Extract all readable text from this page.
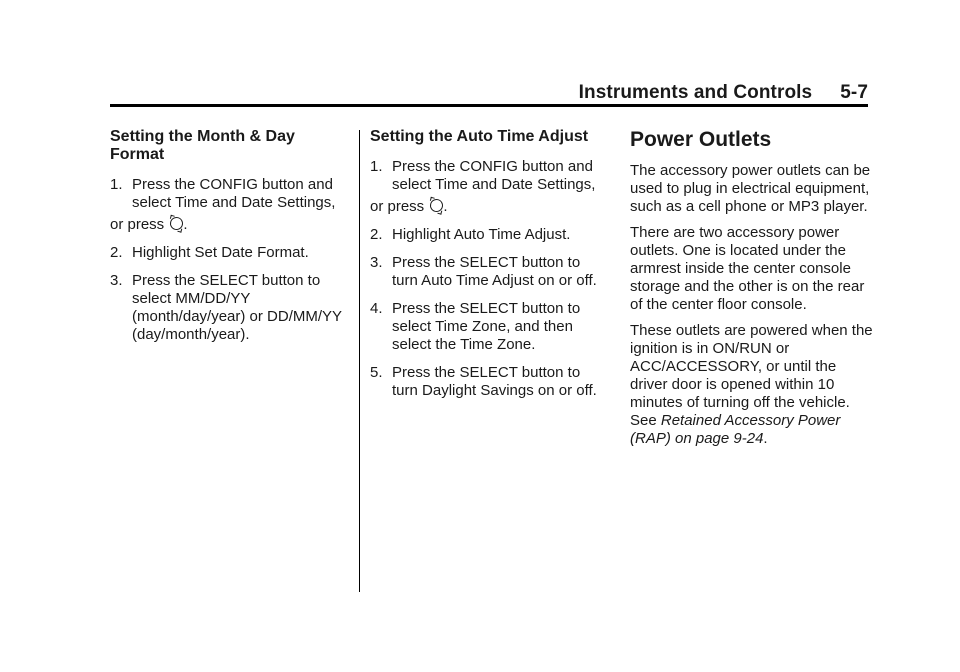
Instruments and Controls 5-7
Setting the Month & Day
Format
1. Press the CONFIG button and select Time and Date Settings,
or press .
2. Highlight Set Date Format.
3. Press the SELECT button to select MM/DD/YY (month/day/year) or DD/MM/YY (day/month/year).
Setting the Auto Time Adjust
1. Press the CONFIG button and select Time and Date Settings,
or press .
2. Highlight Auto Time Adjust.
3. Press the SELECT button to turn Auto Time Adjust on or off.
4. Press the SELECT button to select Time Zone, and then select the Time Zone.
5. Press the SELECT button to turn Daylight Savings on or off.
Power Outlets

The accessory power outlets can be used to plug in electrical equipment, such as a cell phone or MP3 player.

There are two accessory power outlets. One is located under the armrest inside the center console storage and the other is on the rear of the center floor console.

These outlets are powered when the ignition is in ON/RUN or ACC/ACCESSORY, or until the driver door is opened within 10 minutes of turning off the vehicle. See Retained Accessory Power (RAP) on page 9-24.
